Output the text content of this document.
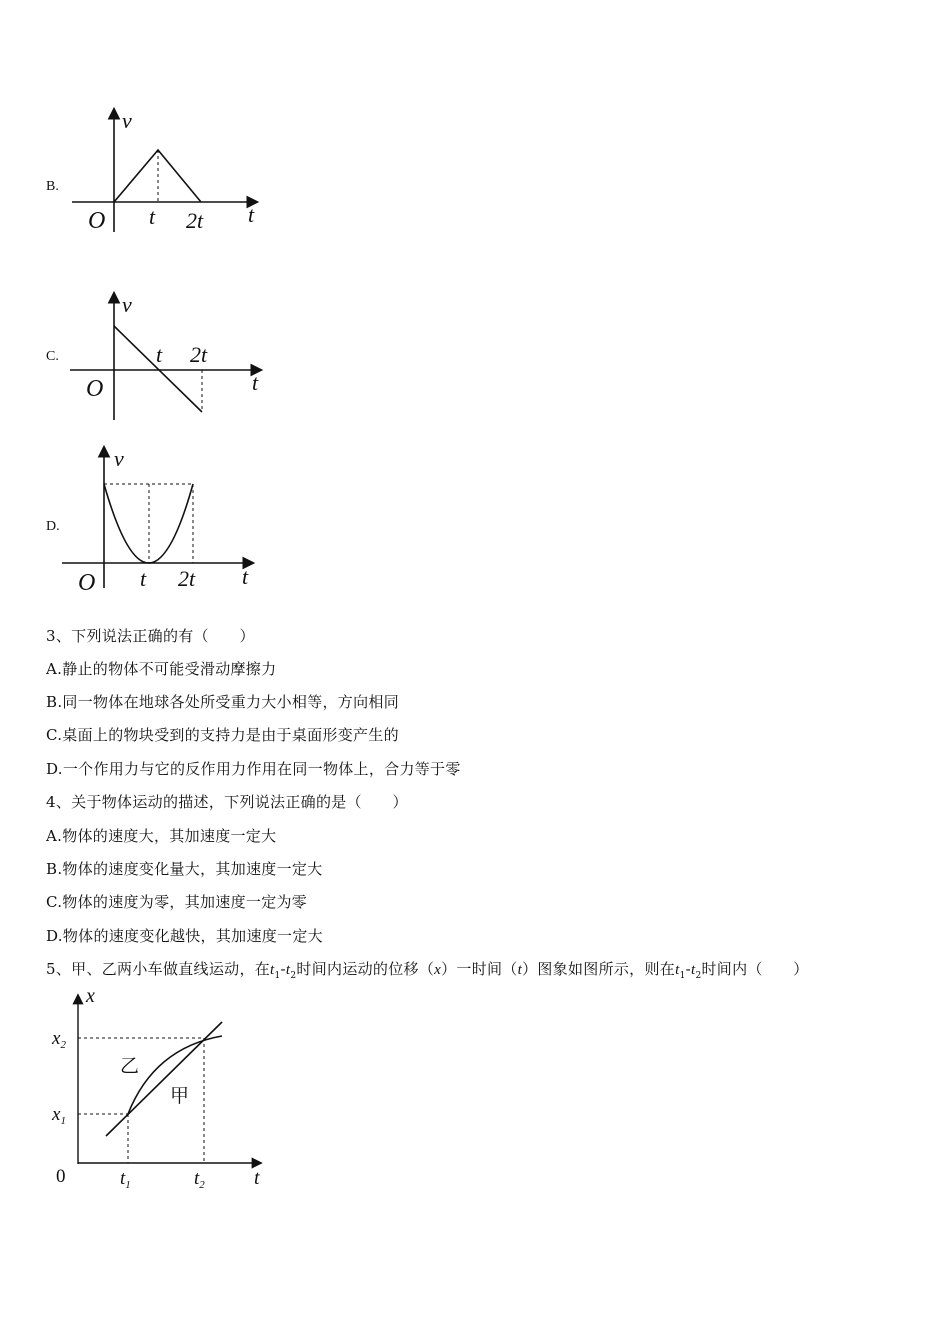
B.
v
t
O t 2t
C.
v
t
O
t 2t
D.
v
t
O t 2t
3、下列说法正确的有（　　）
A.静止的物体不可能受滑动摩擦力
B.同一物体在地球各处所受重力大小相等，方向相同
C.桌面上的物块受到的支持力是由于桌面形变产生的
D.一个作用力与它的反作用力作用在同一物体上，合力等于零
4、关于物体运动的描述，下列说法正确的是（　　）
A.物体的速度大，其加速度一定大
B.物体的速度变化量大，其加速度一定大
C.物体的速度为零，其加速度一定为零
D.物体的速度变化越快，其加速度一定大
5、甲、乙两小车做直线运动，在$t_1-t_2$时间内运动的位移（x）一时间（t）图象如图所示，则在$t_1-t_2$时间内（　　）
x
t
0
$x_2$
$x_1$
$t_1$	$t_2$
乙
甲
